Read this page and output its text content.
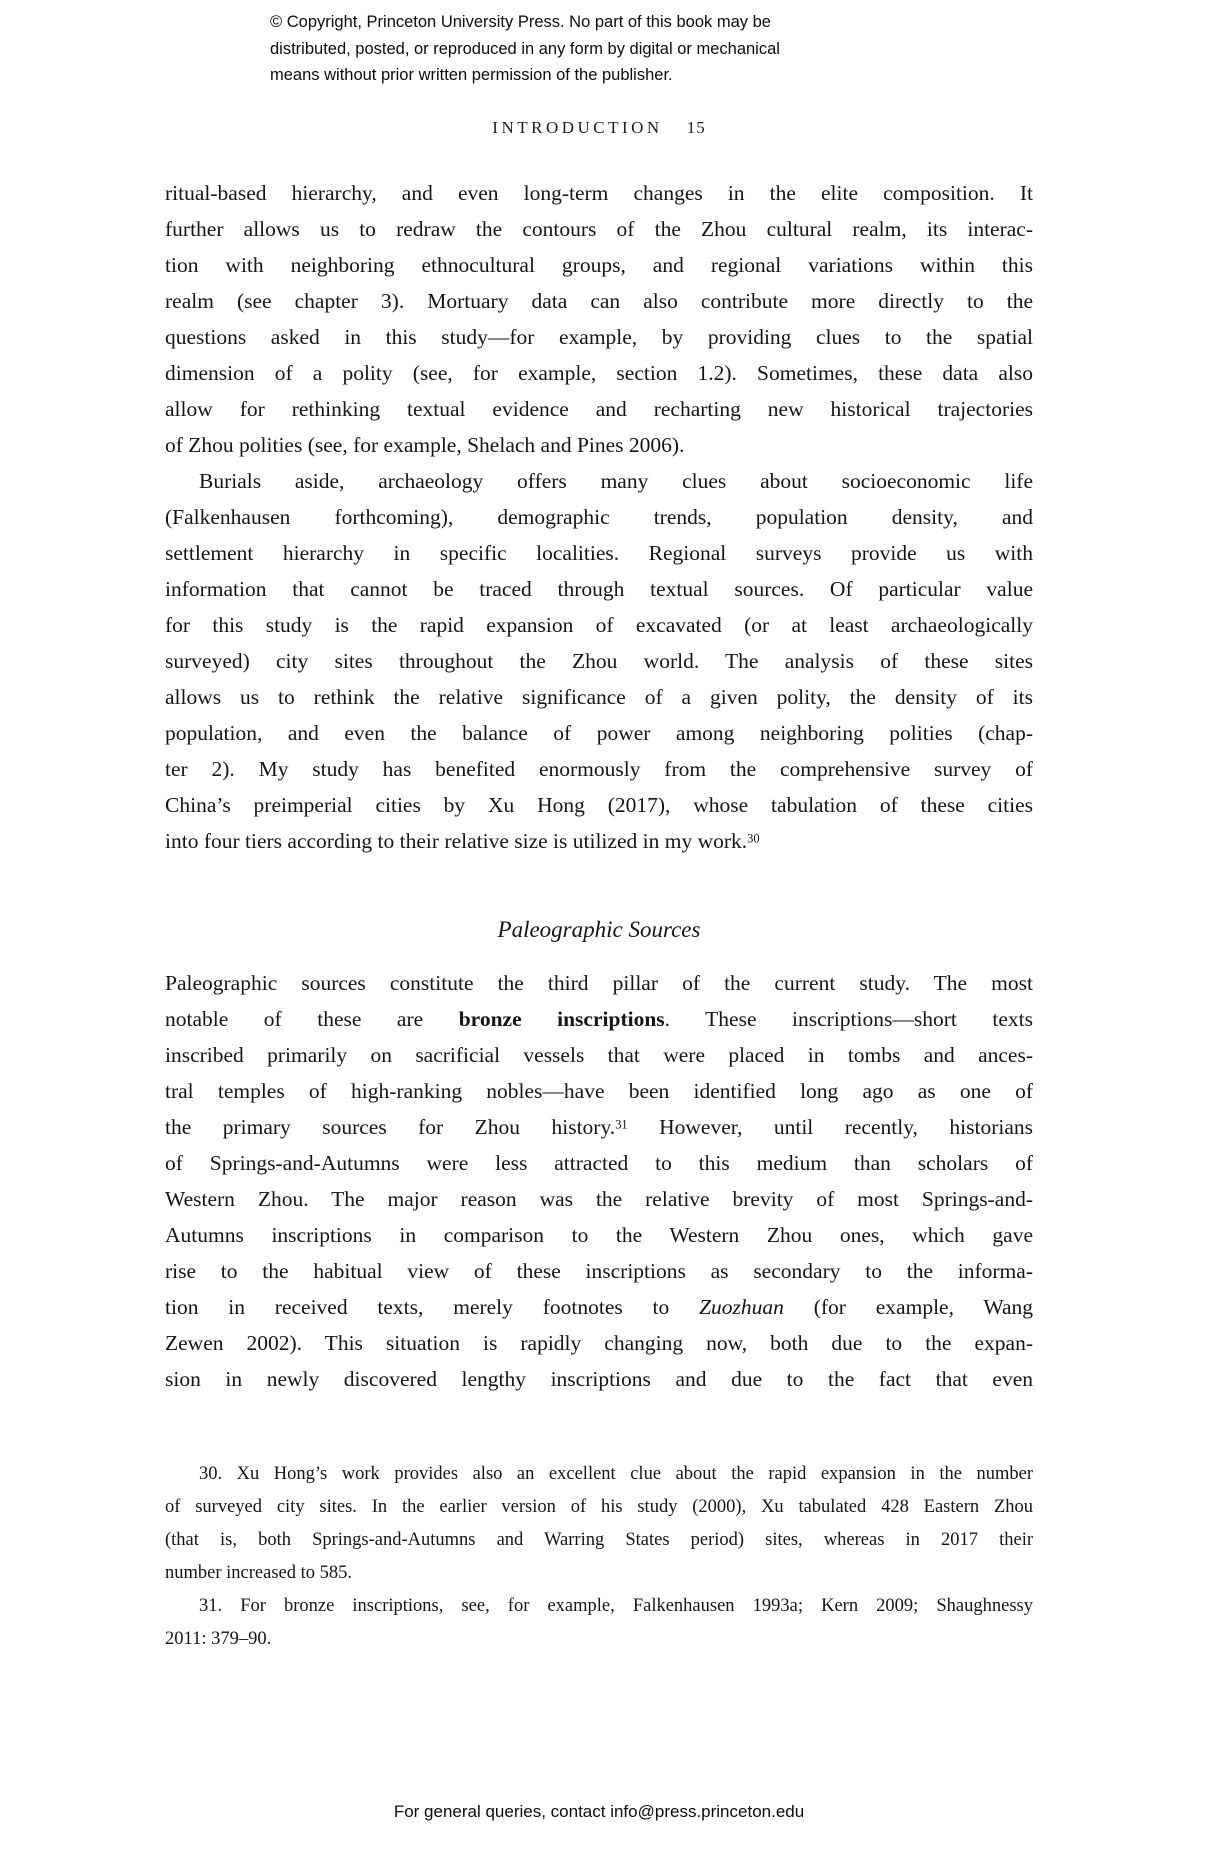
© Copyright, Princeton University Press. No part of this book may be
distributed, posted, or reproduced in any form by digital or mechanical
means without prior written permission of the publisher.
INTRODUCTION 15
ritual-based hierarchy, and even long-term changes in the elite composition. It
further allows us to redraw the contours of the Zhou cultural realm, its interac-
tion with neighboring ethnocultural groups, and regional variations within this
realm (see chapter 3). Mortuary data can also contribute more directly to the
questions asked in this study—for example, by providing clues to the spatial
dimension of a polity (see, for example, section 1.2). Sometimes, these data also
allow for rethinking textual evidence and recharting new historical trajectories
of Zhou polities (see, for example, Shelach and Pines 2006).
Burials aside, archaeology offers many clues about socioeconomic life
(Falkenhausen forthcoming), demographic trends, population density, and
settlement hierarchy in specific localities. Regional surveys provide us with
information that cannot be traced through textual sources. Of particular value
for this study is the rapid expansion of excavated (or at least archaeologically
surveyed) city sites throughout the Zhou world. The analysis of these sites
allows us to rethink the relative significance of a given polity, the density of its
population, and even the balance of power among neighboring polities (chap-
ter 2). My study has benefited enormously from the comprehensive survey of
China’s preimperial cities by Xu Hong (2017), whose tabulation of these cities
into four tiers according to their relative size is utilized in my work.$^{30}$
Paleographic Sources
Paleographic sources constitute the third pillar of the current study. The most
notable of these are bronze inscriptions. These inscriptions—short texts
inscribed primarily on sacrificial vessels that were placed in tombs and ances-
tral temples of high-ranking nobles—have been identified long ago as one of
the primary sources for Zhou history.$^{31}$ However, until recently, historians
of Springs-and-Autumns were less attracted to this medium than scholars of
Western Zhou. The major reason was the relative brevity of most Springs-and-
Autumns inscriptions in comparison to the Western Zhou ones, which gave
rise to the habitual view of these inscriptions as secondary to the informa-
tion in received texts, merely footnotes to Zuozhuan (for example, Wang
Zewen 2002). This situation is rapidly changing now, both due to the expan-
sion in newly discovered lengthy inscriptions and due to the fact that even
30. Xu Hong’s work provides also an excellent clue about the rapid expansion in the number
of surveyed city sites. In the earlier version of his study (2000), Xu tabulated 428 Eastern Zhou
(that is, both Springs-and-Autumns and Warring States period) sites, whereas in 2017 their
number increased to 585.
31. For bronze inscriptions, see, for example, Falkenhausen 1993a; Kern 2009; Shaughnessy
2011: 379–90.
For general queries, contact info@press.princeton.edu
